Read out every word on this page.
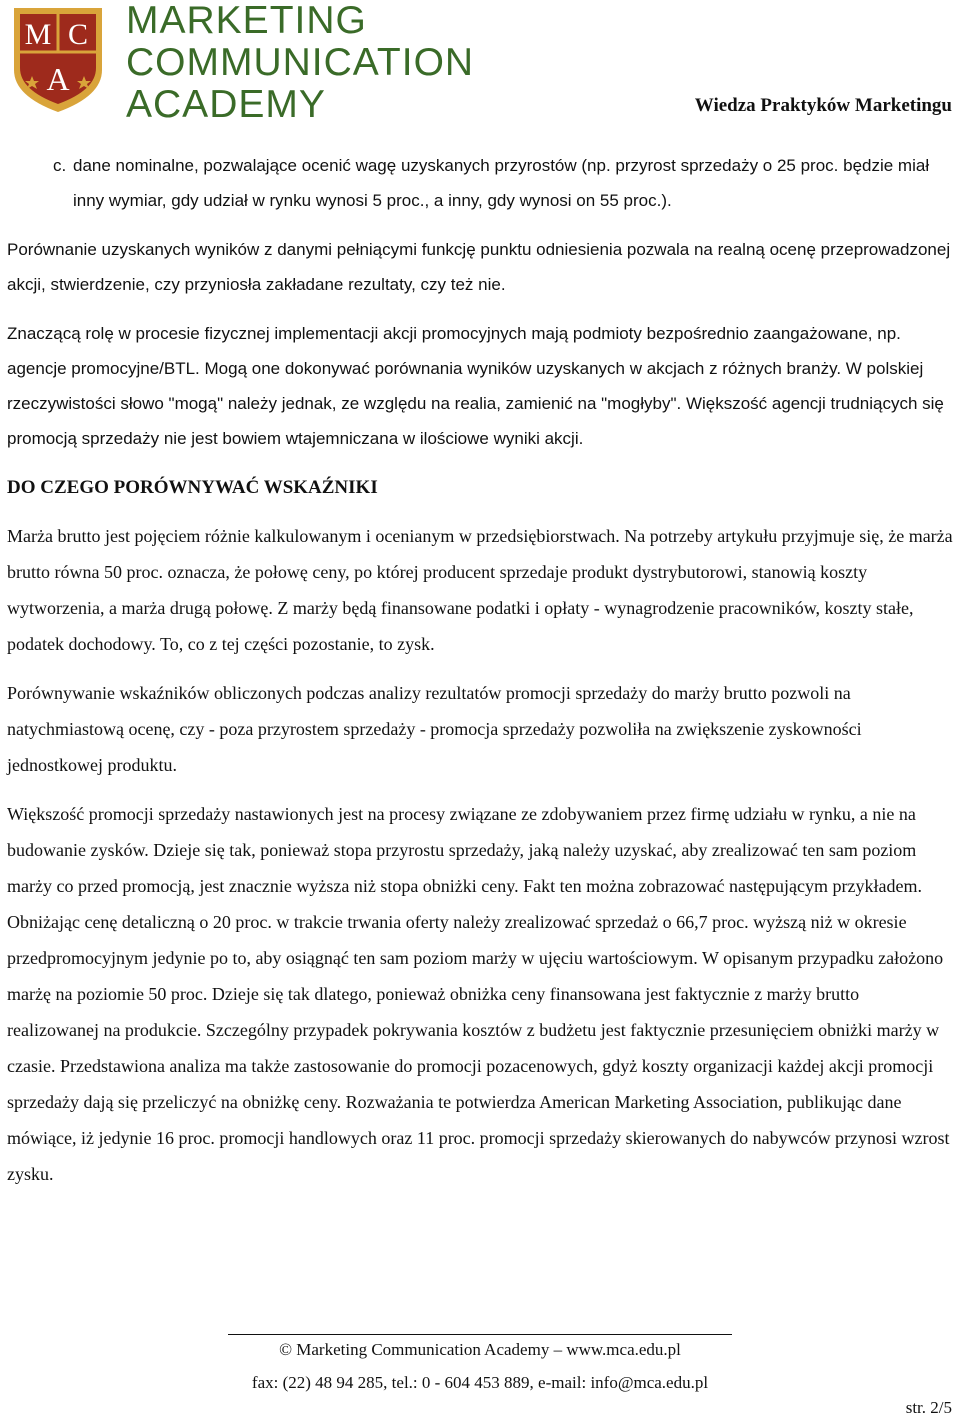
M C
A
MARKETING
COMMUNICATION
ACADEMY	Wiedza Praktyków Marketingu
c. dane nominalne, pozwalające ocenić wagę uzyskanych przyrostów (np. przyrost sprzedaży o 25 proc. będzie miał inny wymiar, gdy udział w rynku wynosi 5 proc., a inny, gdy wynosi on 55 proc.).

Porównanie uzyskanych wyników z danymi pełniącymi funkcję punktu odniesienia pozwala na realną ocenę przeprowadzonej akcji, stwierdzenie, czy przyniosła zakładane rezultaty, czy też nie.

Znaczącą rolę w procesie fizycznej implementacji akcji promocyjnych mają podmioty bezpośrednio zaangażowane, np. agencje promocyjne/BTL. Mogą one dokonywać porównania wyników uzyskanych w akcjach z różnych branży. W polskiej rzeczywistości słowo "mogą" należy jednak, ze względu na realia, zamienić na "mogłyby". Większość agencji trudniących się promocją sprzedaży nie jest bowiem wtajemniczana w ilościowe wyniki akcji.

DO CZEGO PORÓWNYWAĆ WSKAŹNIKI

Marża brutto jest pojęciem różnie kalkulowanym i ocenianym w przedsiębiorstwach. Na potrzeby artykułu przyjmuje się, że marża brutto równa 50 proc. oznacza, że połowę ceny, po której producent sprzedaje produkt dystrybutorowi, stanowią koszty wytworzenia, a marża drugą połowę. Z marży będą finansowane podatki i opłaty - wynagrodzenie pracowników, koszty stałe, podatek dochodowy. To, co z tej części pozostanie, to zysk.

Porównywanie wskaźników obliczonych podczas analizy rezultatów promocji sprzedaży do marży brutto pozwoli na natychmiastową ocenę, czy - poza przyrostem sprzedaży - promocja sprzedaży pozwoliła na zwiększenie zyskowności jednostkowej produktu.

Większość promocji sprzedaży nastawionych jest na procesy związane ze zdobywaniem przez firmę udziału w rynku, a nie na budowanie zysków. Dzieje się tak, ponieważ stopa przyrostu sprzedaży, jaką należy uzyskać, aby zrealizować ten sam poziom marży co przed promocją, jest znacznie wyższa niż stopa obniżki ceny. Fakt ten można zobrazować następującym przykładem. Obniżając cenę detaliczną o 20 proc. w trakcie trwania oferty należy zrealizować sprzedaż o 66,7 proc. wyższą niż w okresie przedpromocyjnym jedynie po to, aby osiągnąć ten sam poziom marży w ujęciu wartościowym. W opisanym przypadku założono marżę na poziomie 50 proc. Dzieje się tak dlatego, ponieważ obniżka ceny finansowana jest faktycznie z marży brutto realizowanej na produkcie. Szczególny przypadek pokrywania kosztów z budżetu jest faktycznie przesunięciem obniżki marży w czasie. Przedstawiona analiza ma także zastosowanie do promocji pozacenowych, gdyż koszty organizacji każdej akcji promocji sprzedaży dają się przeliczyć na obniżkę ceny. Rozważania te potwierdza American Marketing Association, publikując dane mówiące, iż jedynie 16 proc. promocji handlowych oraz 11 proc. promocji sprzedaży skierowanych do nabywców przynosi wzrost zysku.

© Marketing Communication Academy – www.mca.edu.pl
fax: (22) 48 94 285, tel.: 0 - 604 453 889, e-mail: info@mca.edu.pl
str. 2/5
